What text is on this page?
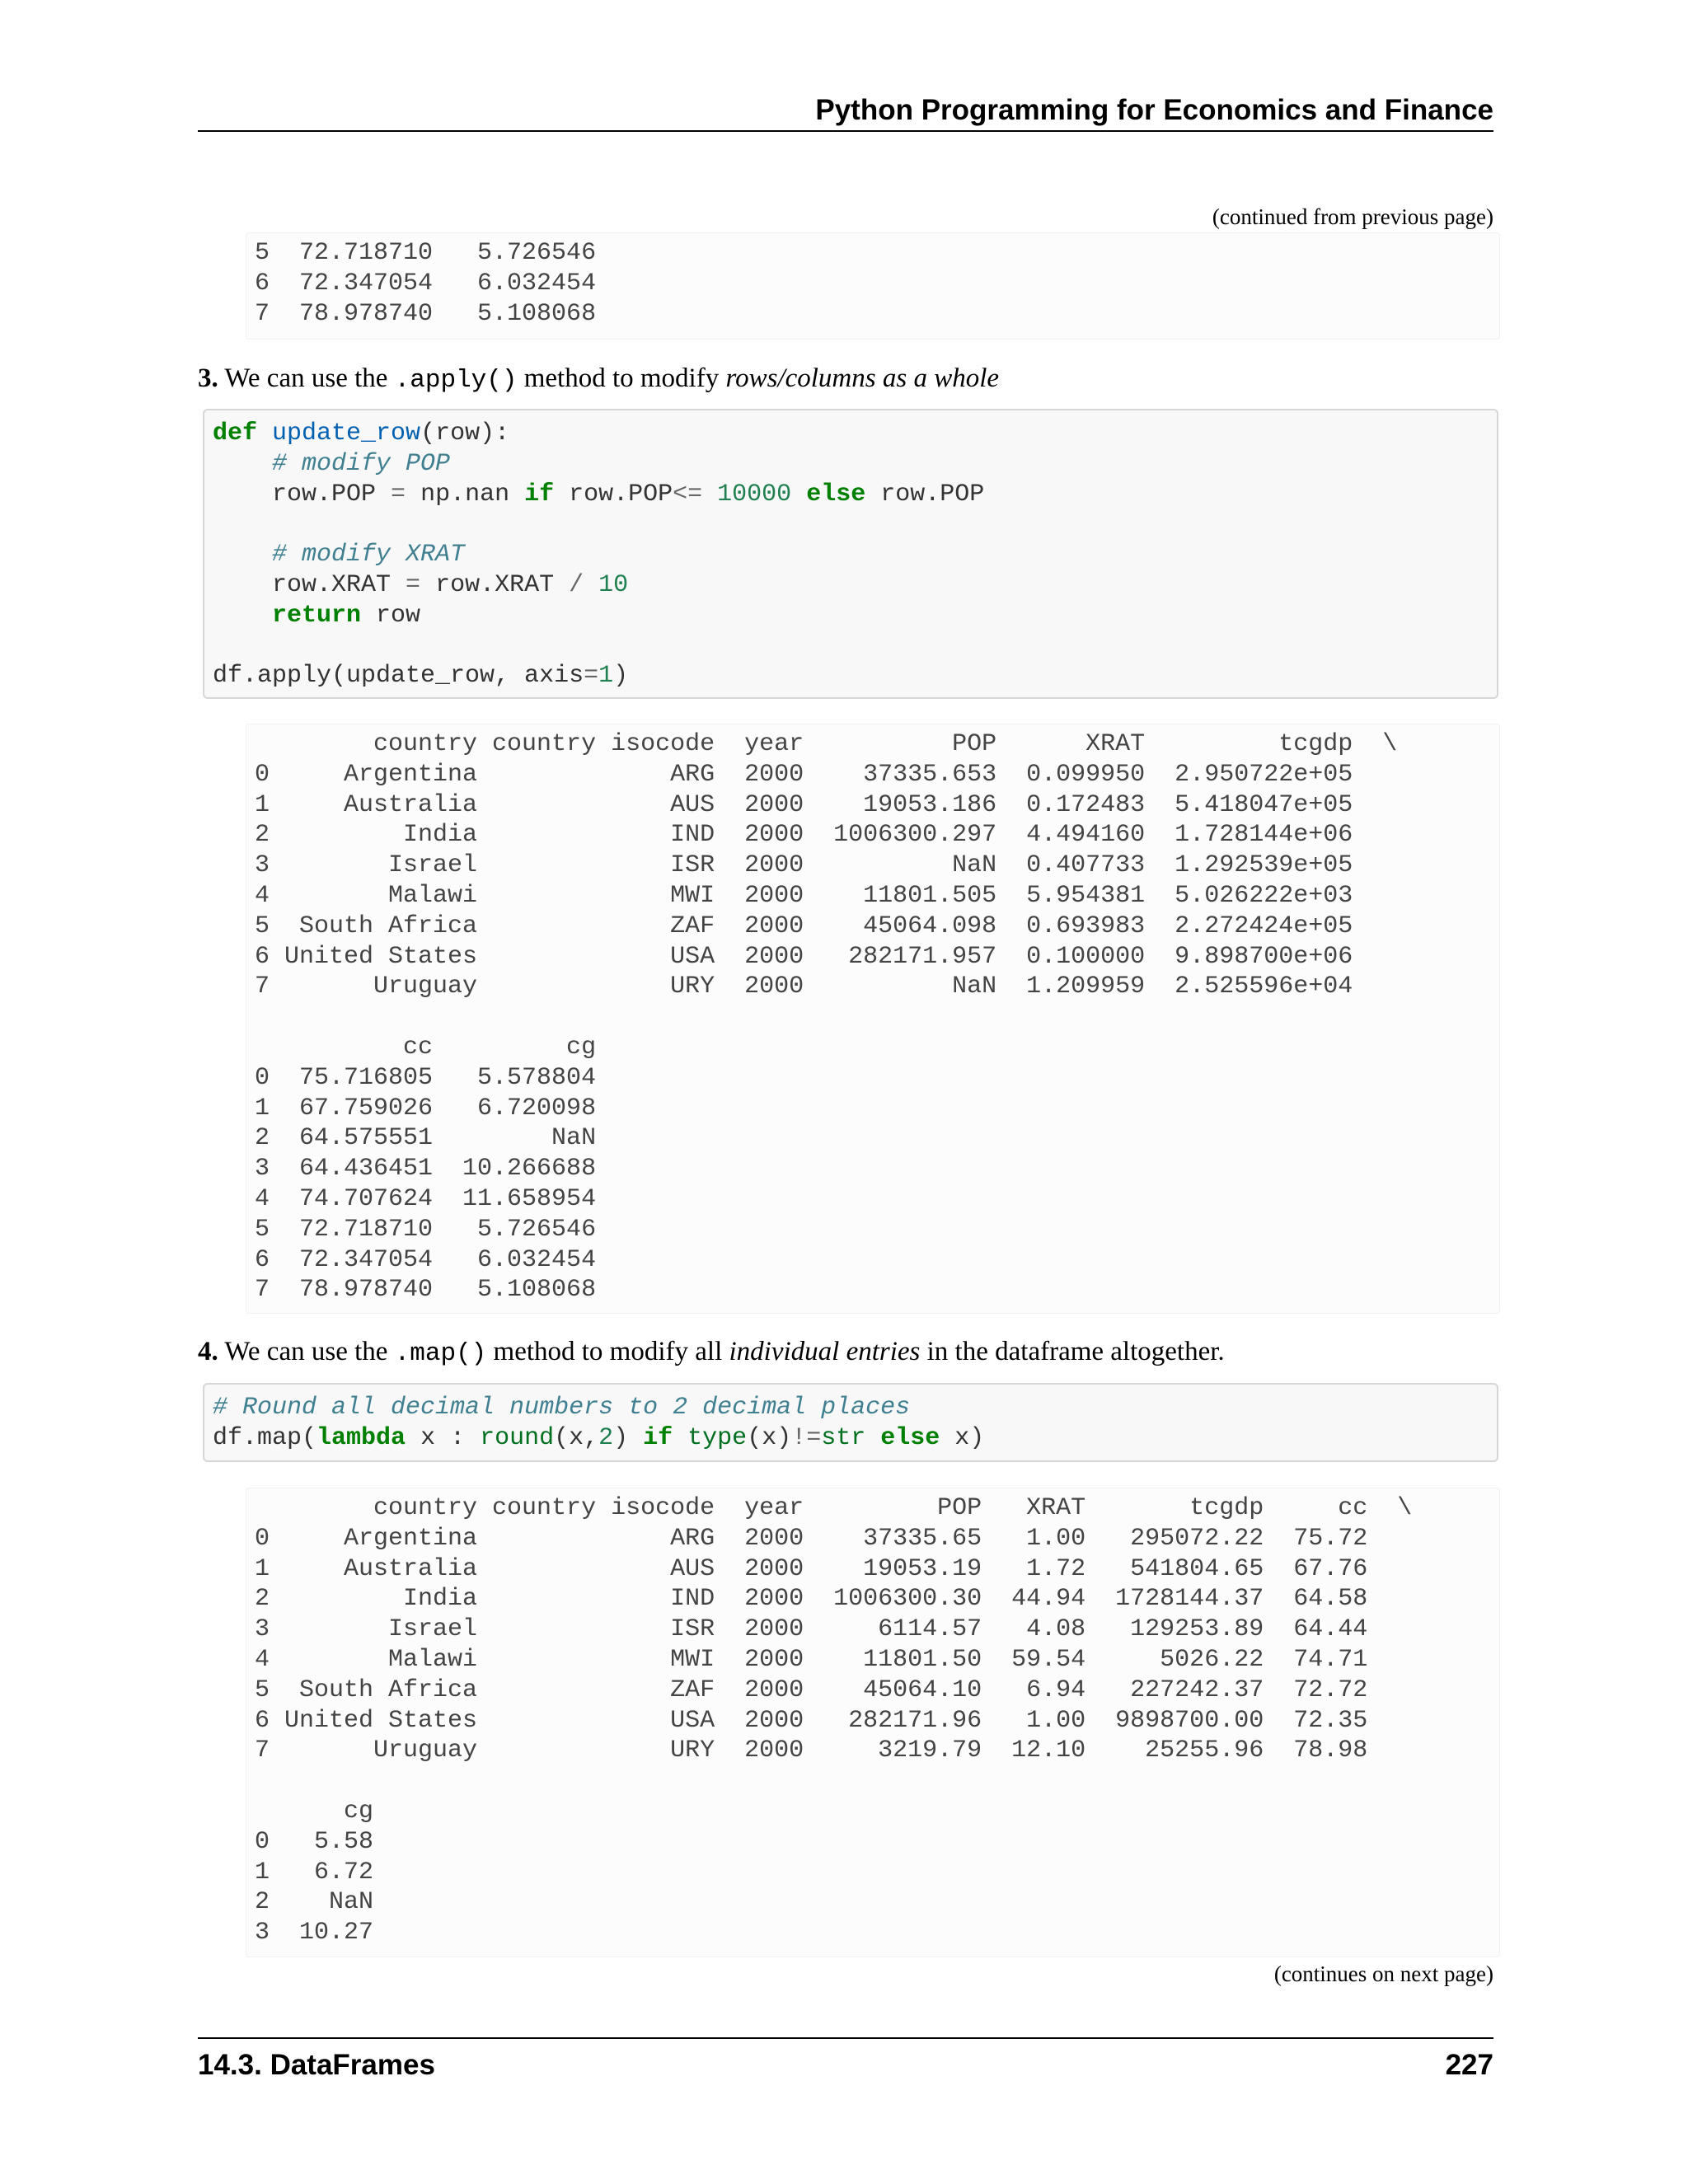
Python Programming for Economics and Finance
(continued from previous page)
5  72.718710   5.726546
6  72.347054   6.032454
7  78.978740   5.108068
3. We can use the .apply() method to modify rows/columns as a whole
def update_row(row):
# modify POP
row.POP = np.nan if row.POP<= 10000 else row.POP

# modify XRAT
row.XRAT = row.XRAT / 10
return row

df.apply(update_row, axis=1)
country country isocode  year          POP      XRAT         tcgdp  \
0     Argentina             ARG  2000    37335.653  0.099950  2.950722e+05
1     Australia             AUS  2000    19053.186  0.172483  5.418047e+05
2         India             IND  2000  1006300.297  4.494160  1.728144e+06
3        Israel             ISR  2000          NaN  0.407733  1.292539e+05
4        Malawi             MWI  2000    11801.505  5.954381  5.026222e+03
5  South Africa             ZAF  2000    45064.098  0.693983  2.272424e+05
6 United States             USA  2000   282171.957  0.100000  9.898700e+06
7       Uruguay             URY  2000          NaN  1.209959  2.525596e+04

cc         cg
0  75.716805   5.578804
1  67.759026   6.720098
2  64.575551        NaN
3  64.436451  10.266688
4  74.707624  11.658954
5  72.718710   5.726546
6  72.347054   6.032454
7  78.978740   5.108068
4. We can use the .map() method to modify all individual entries in the dataframe altogether.
# Round all decimal numbers to 2 decimal places
df.map(lambda x : round(x,2) if type(x)!=str else x)
country country isocode  year         POP   XRAT       tcgdp     cc  \
0     Argentina             ARG  2000    37335.65   1.00   295072.22  75.72
1     Australia             AUS  2000    19053.19   1.72   541804.65  67.76
2         India             IND  2000  1006300.30  44.94  1728144.37  64.58
3        Israel             ISR  2000     6114.57   4.08   129253.89  64.44
4        Malawi             MWI  2000    11801.50  59.54     5026.22  74.71
5  South Africa             ZAF  2000    45064.10   6.94   227242.37  72.72
6 United States             USA  2000   282171.96   1.00  9898700.00  72.35
7       Uruguay             URY  2000     3219.79  12.10    25255.96  78.98

cg
0   5.58
1   6.72
2    NaN
3  10.27
(continues on next page)
14.3. DataFrames	227
